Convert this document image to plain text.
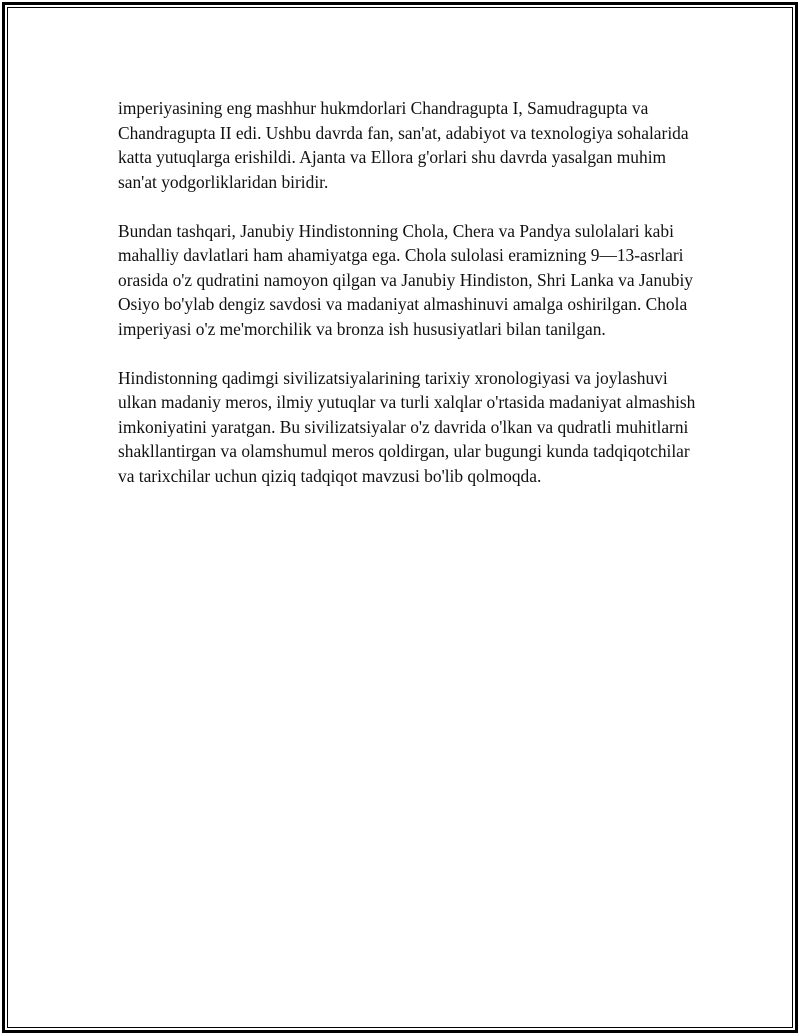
imperiyasining eng mashhur hukmdorlari Chandragupta I, Samudragupta va Chandragupta II edi. Ushbu davrda fan, san'at, adabiyot va texnologiya sohalarida katta yutuqlarga erishildi. Ajanta va Ellora g'orlari shu davrda yasalgan muhim san'at yodgorliklaridan biridir.

Bundan tashqari, Janubiy Hindistonning Chola, Chera va Pandya sulolalari kabi mahalliy davlatlari ham ahamiyatga ega. Chola sulolasi eramizning 9—13-asrlari orasida o'z qudratini namoyon qilgan va Janubiy Hindiston, Shri Lanka va Janubiy Osiyo bo'ylab dengiz savdosi va madaniyat almashinuvi amalga oshirilgan. Chola imperiyasi o'z me'morchilik va bronza ish hususiyatlari bilan tanilgan.

Hindistonning qadimgi sivilizatsiyalarining tarixiy xronologiyasi va joylashuvi ulkan madaniy meros, ilmiy yutuqlar va turli xalqlar o'rtasida madaniyat almashish imkoniyatini yaratgan. Bu sivilizatsiyalar o'z davrida o'lkan va qudratli muhitlarni shakllantirgan va olamshumul meros qoldirgan, ular bugungi kunda tadqiqotchilar va tarixchilar uchun qiziq tadqiqot mavzusi bo'lib qolmoqda.
